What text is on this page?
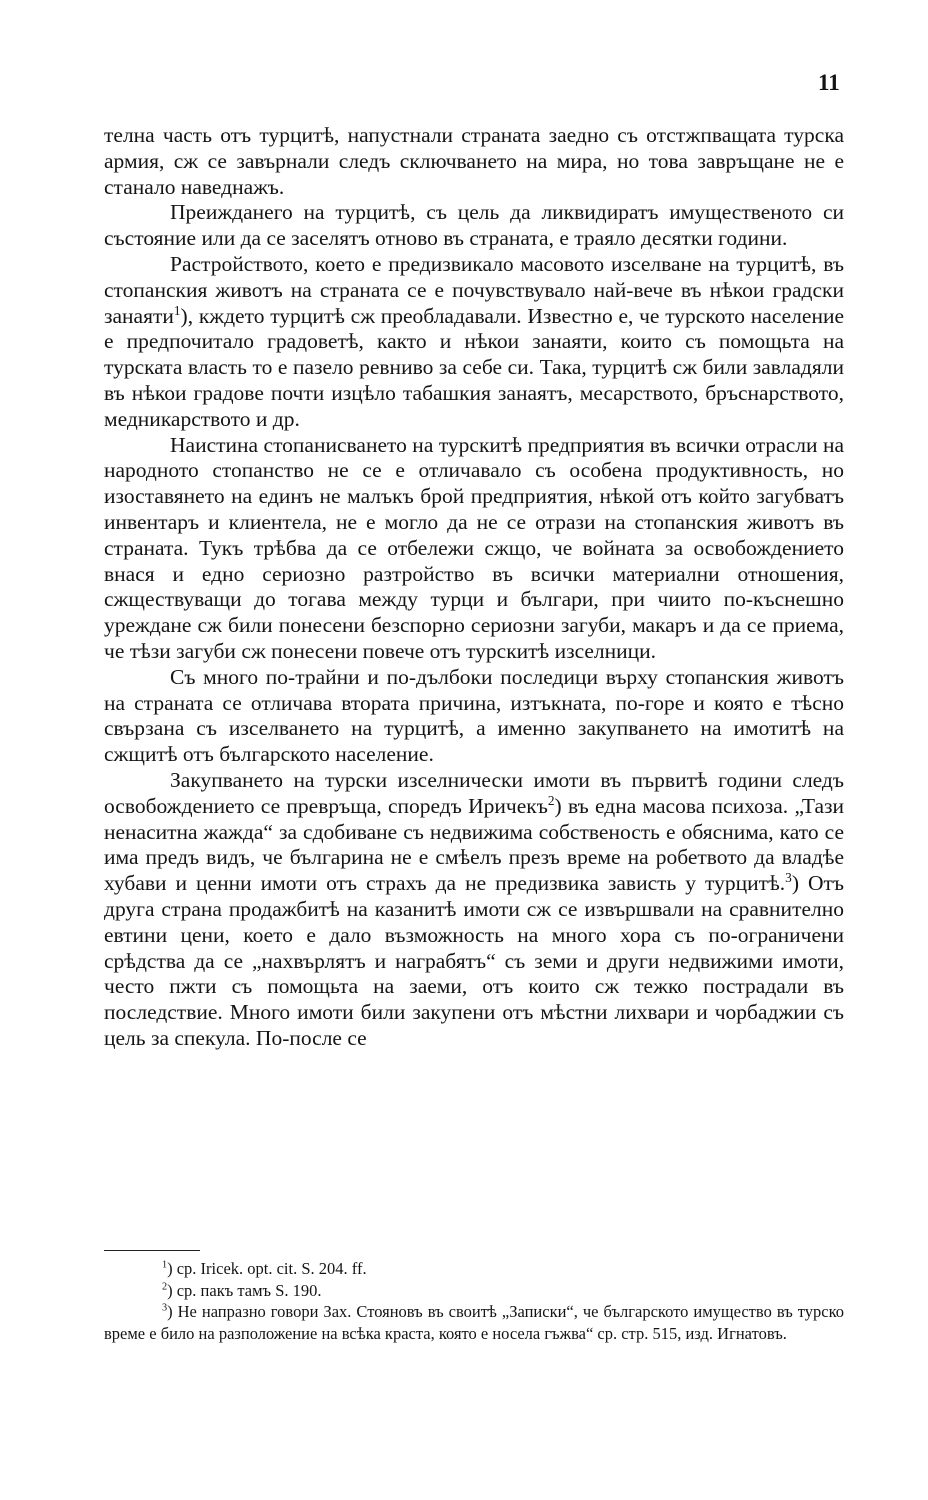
11

телна часть отъ турцитѣ, напустнали страната заедно съ отстжпващата турска армия, сж се завърнали следъ сключването на мира, но това завръщане не е станало наведнажъ.

Преижданего на турцитѣ, съ цель да ликвидиратъ имущественото си състояние или да се заселятъ отново въ страната, е траяло десятки години.

Растройството, което е предизвикало масовото изселване на турцитѣ, въ стопанския животъ на страната се е почувствувало най-вече въ нѣкои градски занаяти$^1$), кждето турцитѣ сж преобладавали. Известно е, че турското население е предпочитало градоветѣ, както и нѣкои занаяти, които съ помощьта на турската власть то е пазело ревниво за себе си. Така, турцитѣ сж били завладяли въ нѣкои градове почти изцѣло табашкия занаятъ, месарството, бръснарството, медникарството и др.

Наистина стопанисването на турскитѣ предприятия въ всички отрасли на народното стопанство не се е отличавало съ особена продуктивность, но изоставянето на единъ не малъкъ брой предприятия, нѣкой отъ който загубватъ инвентаръ и клиентела, не е могло да не се отрази на стопанския животъ въ страната. Тукъ трѣбва да се отбележи сжщо, че войната за освобождението внася и едно сериозно разтройство въ всички материални отношения, сжществуващи до тогава между турци и българи, при чиито по-къснешно уреждане сж били понесени безспорно сериозни загуби, макаръ и да се приема, че тѣзи загуби сж понесени повече отъ турскитѣ изселници.

Съ много по-трайни и по-дълбоки последици върху стопанския животъ на страната се отличава втората причина, изтъкната, по-горе и която е тѣсно свързана съ изселването на турцитѣ, а именно закупването на имотитѣ на сжщитѣ отъ българското население.

Закупването на турски изселнически имоти въ първитѣ години следъ освобождението се превръща, споредъ Иричекъ$^2$) въ една масова психоза. „Тази ненаситна жажда“ за сдобиване съ недвижима собственость е обяснима, като се има предъ видъ, че българина не е смѣелъ презъ време на робетвото да владѣе хубави и ценни имоти отъ страхъ да не предизвика зависть у турцитѣ.$^3$) Отъ друга страна продажбитѣ на казанитѣ имоти сж се извършвали на сравнително евтини цени, което е дало възможность на много хора съ по-ограничени срѣдства да се „нахвърлятъ и награбятъ“ съ земи и други недвижими имоти, често пжти съ помощьта на заеми, отъ които сж тежко пострадали въ последствие. Много имоти били закупени отъ мѣстни лихвари и чорбаджии съ цель за спекула. По-после се

$^1$) ср. Iricek. opt. cit. S. 204. ff.

$^2$) ср. пакъ тамъ S. 190.

$^3$) Не напразно говори Зах. Стояновъ въ своитѣ „Записки“, че българското имущество въ турско време е било на разположение на всѣка краста, която е носела гъжва“ ср. стр. 515, изд. Игнатовъ.
